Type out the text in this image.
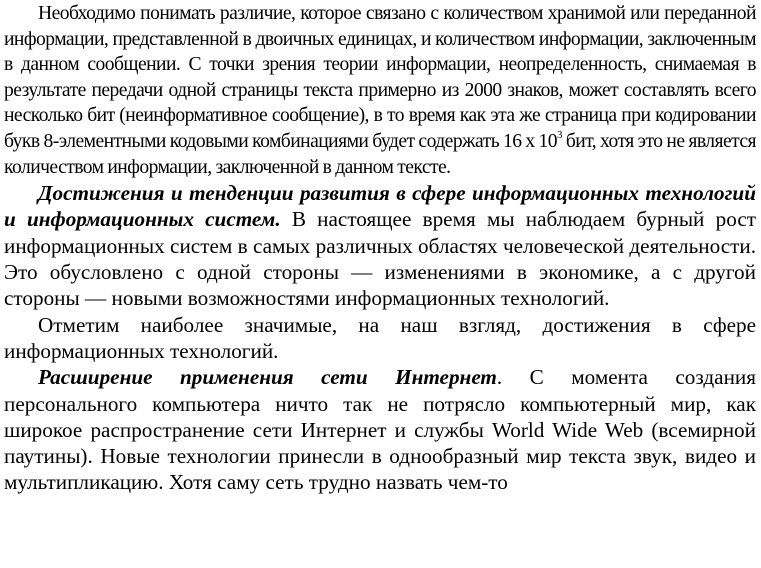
Необходимо понимать различие, которое связано с количеством хранимой или переданной информации, представленной в двоичных единицах, и количеством информации, заключенным в данном сообщении. С точки зрения теории информации, неопределенность, снимаемая в результате передачи одной страницы текста примерно из 2000 знаков, может составлять всего несколько бит (неинформативное сообщение), в то время как эта же страница при кодировании букв 8-элементными кодовыми комбинациями будет содержать 16 х $10^3$ бит, хотя это не является количеством информации, заключенной в данном тексте.

Достижения и тенденции развития в сфере информационных технологий и информационных систем. В настоящее время мы наблюдаем бурный рост информационных систем в самых различных областях человеческой деятельности. Это обусловлено с одной стороны — изменениями в экономике, а с другой стороны — новыми возможностями информационных технологий.

Отметим наиболее значимые, на наш взгляд, достижения в сфере информационных технологий.

Расширение применения сети Интернет. С момента создания персонального компьютера ничто так не потрясло компьютерный мир, как широкое распространение сети Интернет и службы World Wide Web (всемирной паутины). Новые технологии принесли в однообразный мир текста звук, видео и мультипликацию. Хотя саму сеть трудно назвать чем-то
